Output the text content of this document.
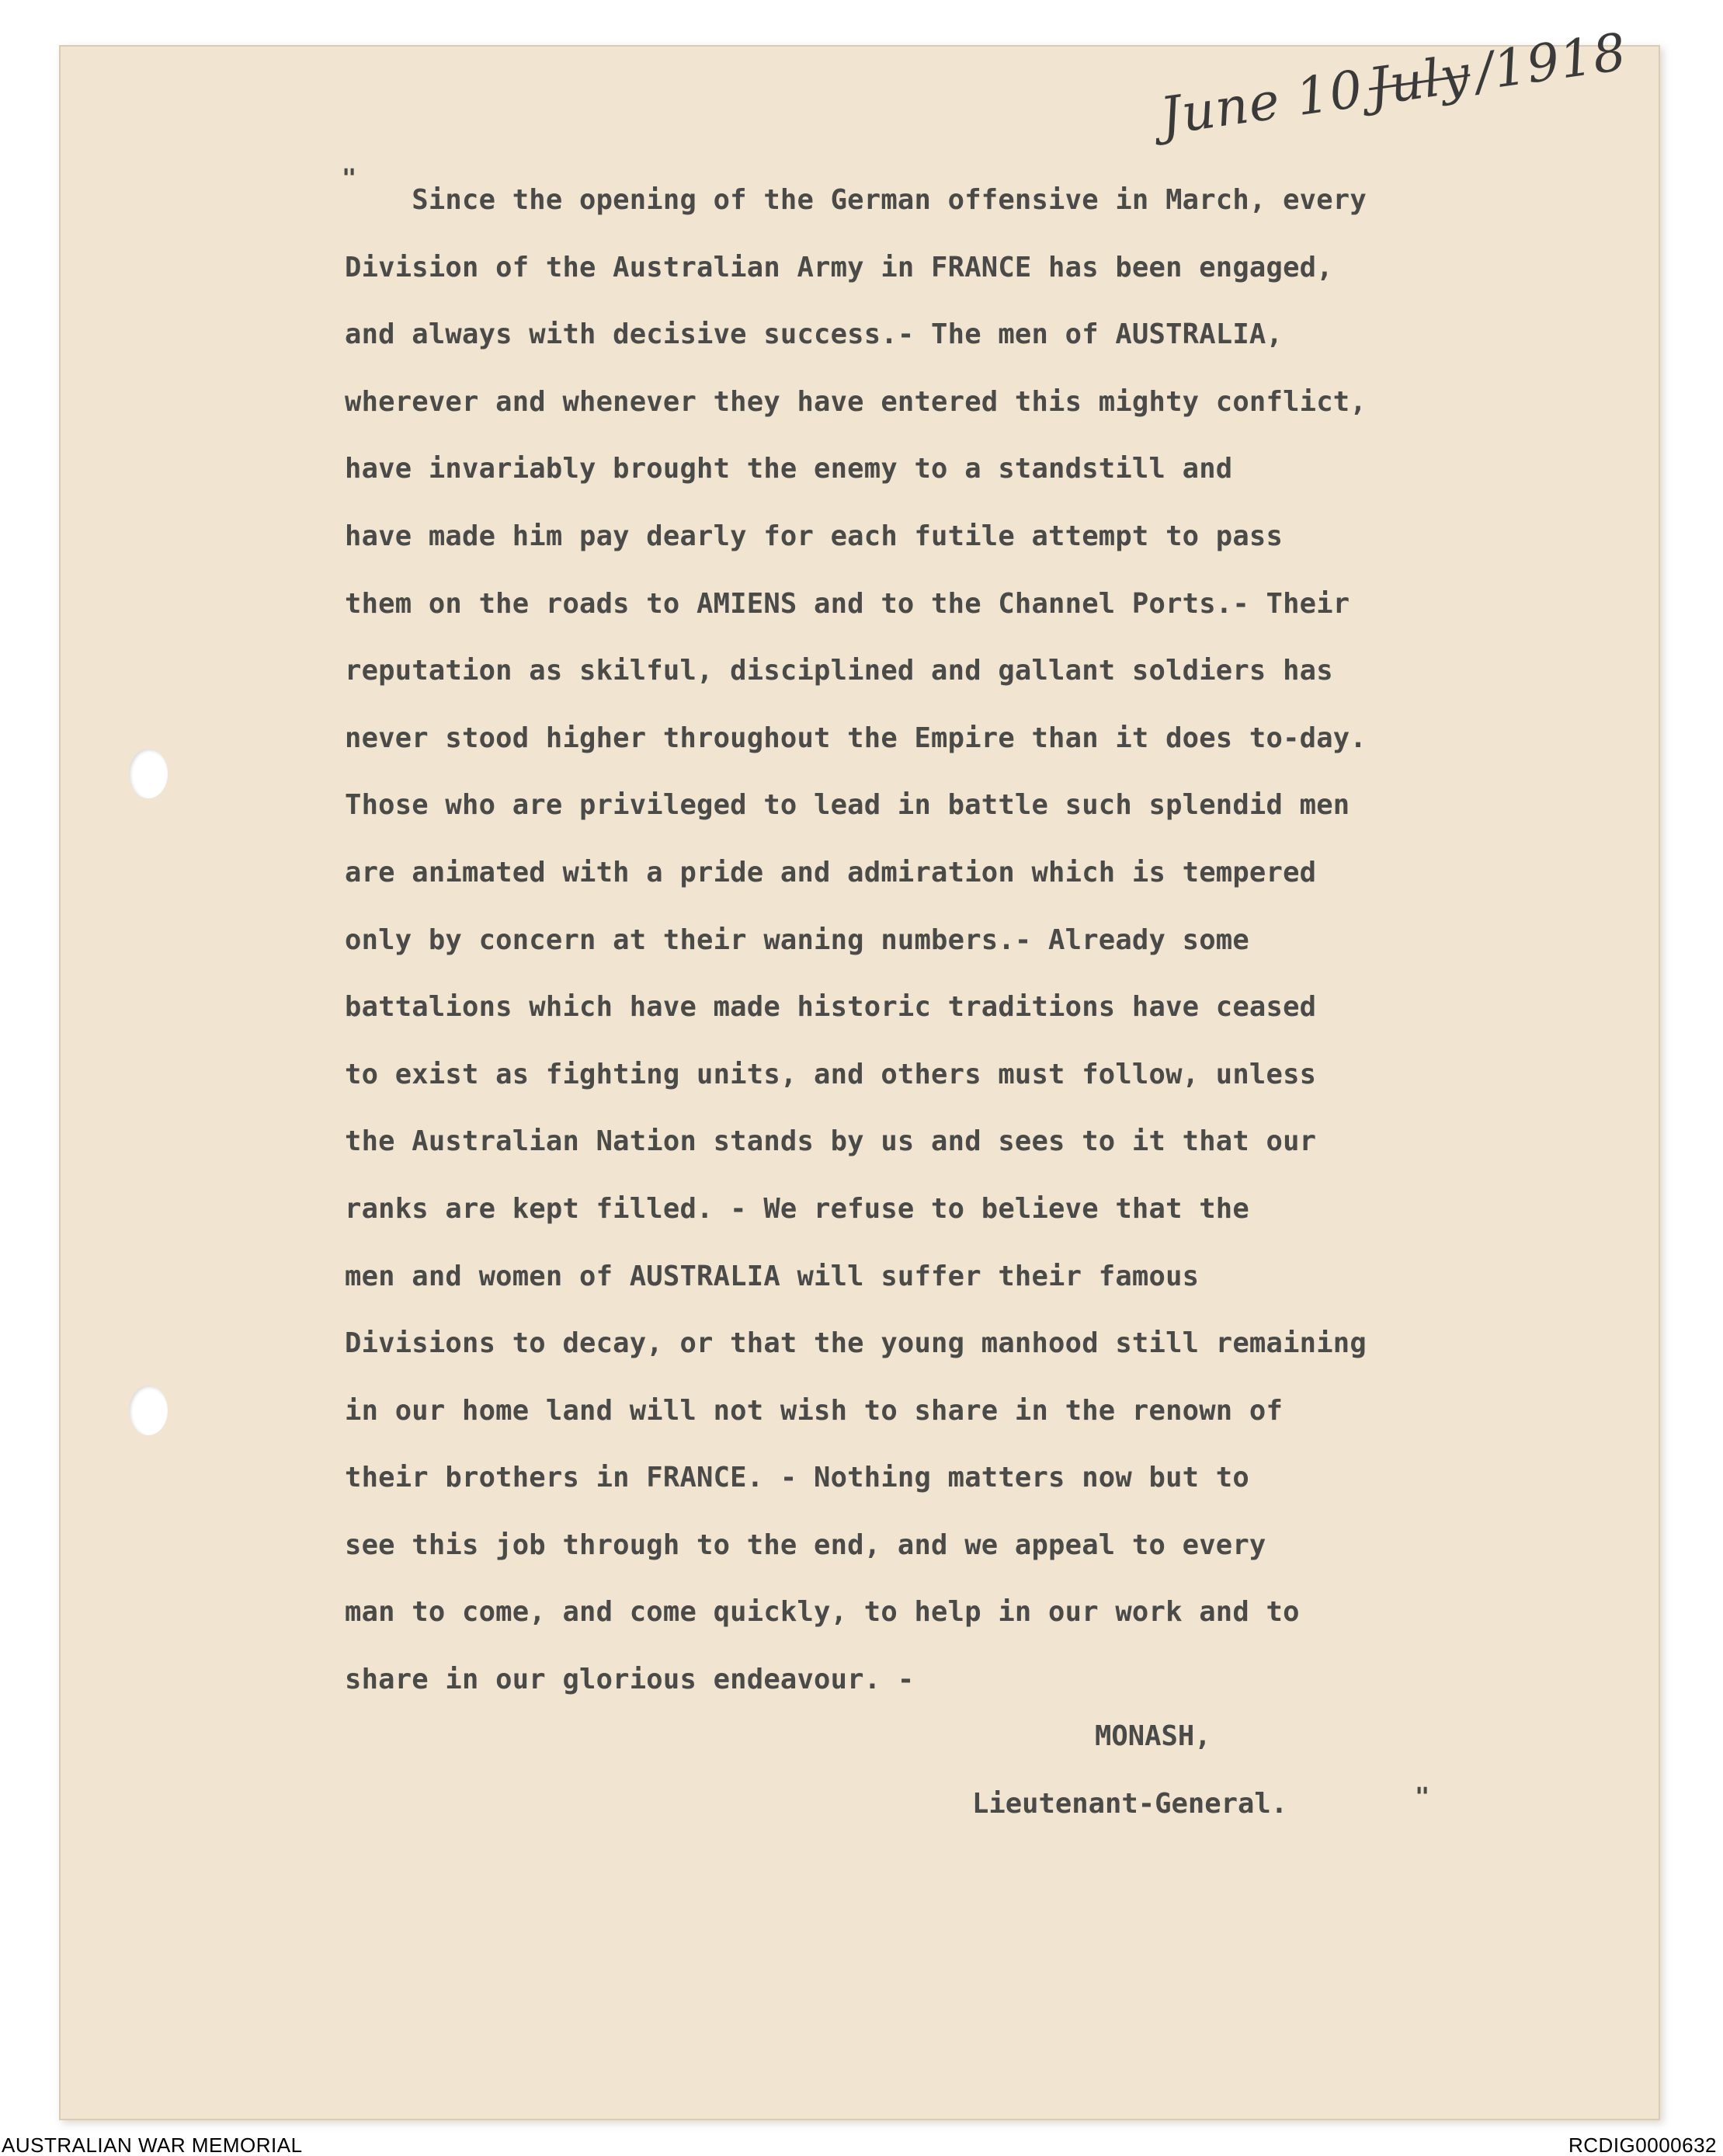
June 10July/1918
"
Since the opening of the German offensive in March, every
Division of the Australian Army in FRANCE has been engaged,
and always with decisive success.- The men of AUSTRALIA,
wherever and whenever they have entered this mighty conflict,
have invariably brought the enemy to a standstill and
have made him pay dearly for each futile attempt to pass
them on the roads to AMIENS and to the Channel Ports.- Their
reputation as skilful, disciplined and gallant soldiers has
never stood higher throughout the Empire than it does to-day.
Those who are privileged to lead in battle such splendid men
are animated with a pride and admiration which is tempered
only by concern at their waning numbers.- Already some
battalions which have made historic traditions have ceased
to exist as fighting units, and others must follow, unless
the Australian Nation stands by us and sees to it that our
ranks are kept filled. - We refuse to believe that the
men and women of AUSTRALIA will suffer their famous
Divisions to decay, or that the young manhood still remaining
in our home land will not wish to share in the renown of
their brothers in FRANCE. - Nothing matters now but to
see this job through to the end, and we appeal to every
man to come, and come quickly, to help in our work and to
share in our glorious endeavour. -
MONASH,
Lieutenant-General.	"
AUSTRALIAN WAR MEMORIAL	RCDIG0000632
